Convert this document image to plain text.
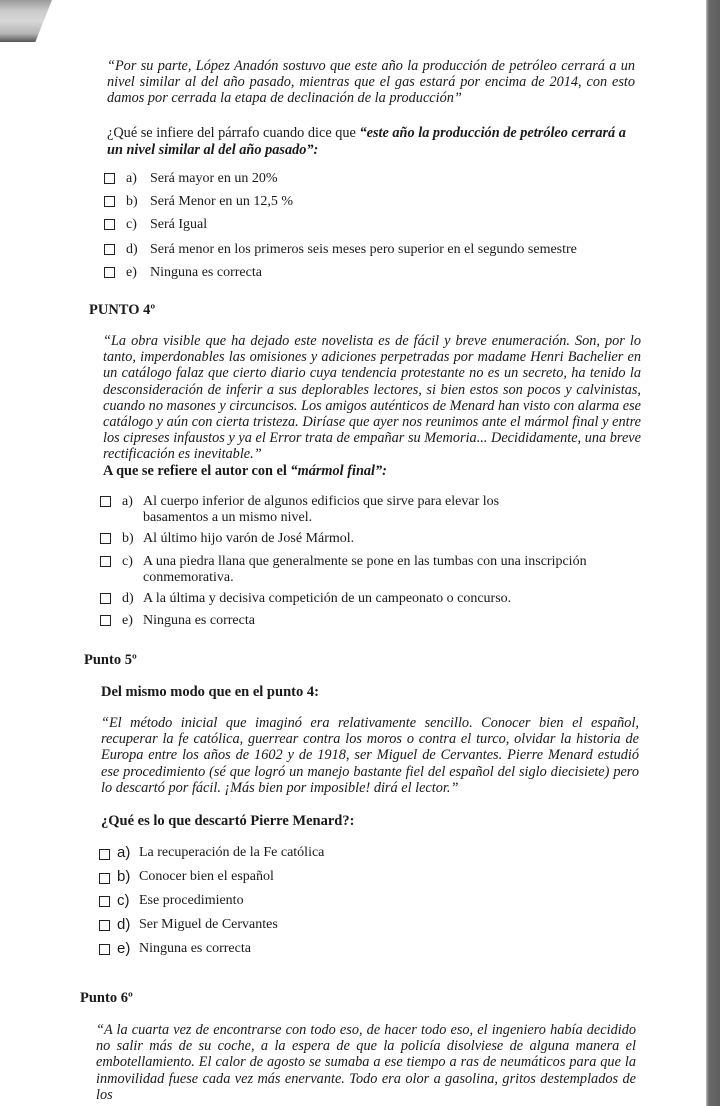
“Por su parte, López Anadón sostuvo que este año la producción de petróleo cerrará a un nivel similar al del año pasado, mientras que el gas estará por encima de 2014, con esto damos por cerrada la etapa de declinación de la producción”

¿Qué se infiere del párrafo cuando dice que “este año la producción de petróleo cerrará a un nivel similar al del año pasado”:

a) Será mayor en un 20%
b) Será Menor en un 12,5 %
c) Será Igual
d) Será menor en los primeros seis meses pero superior en el segundo semestre
e) Ninguna es correcta
PUNTO 4º

“La obra visible que ha dejado este novelista es de fácil y breve enumeración. Son, por lo tanto, imperdonables las omisiones y adiciones perpetradas por madame Henri Bachelier en un catálogo falaz que cierto diario cuya tendencia protestante no es un secreto, ha tenido la desconsideración de inferir a sus deplorables lectores, si bien estos son pocos y calvinistas, cuando no masones y circuncisos. Los amigos auténticos de Menard han visto con alarma ese catálogo y aún con cierta tristeza. Diríase que ayer nos reunimos ante el mármol final y entre los cipreses infaustos y ya el Error trata de empañar su Memoria... Decididamente, una breve rectificación es inevitable.”

A que se refiere el autor con el “mármol final”:

a) Al cuerpo inferior de algunos edificios que sirve para elevar los
basamentos a un mismo nivel.
b) Al último hijo varón de José Mármol.
c) A una piedra llana que generalmente se pone en las tumbas con una inscripción
conmemorativa.
d) A la última y decisiva competición de un campeonato o concurso.
e) Ninguna es correcta
Punto 5º
Del mismo modo que en el punto 4:

“El método inicial que imaginó era relativamente sencillo. Conocer bien el español, recuperar la fe católica, guerrear contra los moros o contra el turco, olvidar la historia de Europa entre los años de 1602 y de 1918, ser Miguel de Cervantes. Pierre Menard estudió ese procedimiento (sé que logró un manejo bastante fiel del español del siglo diecisiete) pero lo descartó por fácil. ¡Más bien por imposible! dirá el lector.”

¿Qué es lo que descartó Pierre Menard?:
a) La recuperación de la Fe católica
b) Conocer bien el español
c) Ese procedimiento
d) Ser Miguel de Cervantes
e) Ninguna es correcta
Punto 6º

“A la cuarta vez de encontrarse con todo eso, de hacer todo eso, el ingeniero había decidido no salir más de su coche, a la espera de que la policía disolviese de alguna manera el embotellamiento. El calor de agosto se sumaba a ese tiempo a ras de neumáticos para que la inmovilidad fuese cada vez más enervante. Todo era olor a gasolina, gritos destemplados de los
